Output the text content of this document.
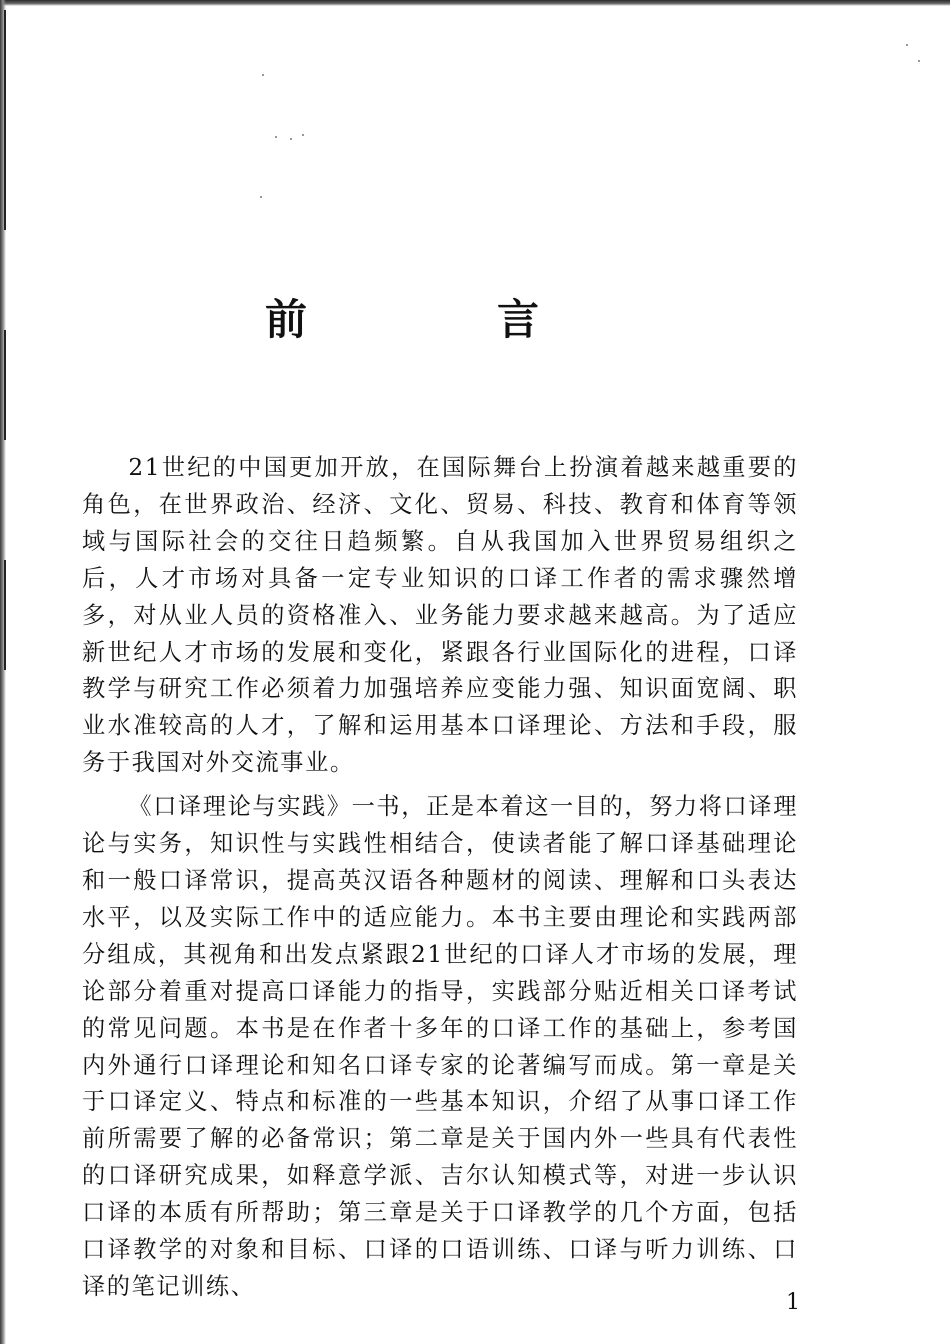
前　言

21世纪的中国更加开放，在国际舞台上扮演着越来越重要的角色，在世界政治、经济、文化、贸易、科技、教育和体育等领域与国际社会的交往日趋频繁。自从我国加入世界贸易组织之后，人才市场对具备一定专业知识的口译工作者的需求骤然增多，对从业人员的资格准入、业务能力要求越来越高。为了适应新世纪人才市场的发展和变化，紧跟各行业国际化的进程，口译教学与研究工作必须着力加强培养应变能力强、知识面宽阔、职业水准较高的人才，了解和运用基本口译理论、方法和手段，服务于我国对外交流事业。

《口译理论与实践》一书，正是本着这一目的，努力将口译理论与实务，知识性与实践性相结合，使读者能了解口译基础理论和一般口译常识，提高英汉语各种题材的阅读、理解和口头表达水平，以及实际工作中的适应能力。本书主要由理论和实践两部分组成，其视角和出发点紧跟21世纪的口译人才市场的发展，理论部分着重对提高口译能力的指导，实践部分贴近相关口译考试的常见问题。本书是在作者十多年的口译工作的基础上，参考国内外通行口译理论和知名口译专家的论著编写而成。第一章是关于口译定义、特点和标准的一些基本知识，介绍了从事口译工作前所需要了解的必备常识；第二章是关于国内外一些具有代表性的口译研究成果，如释意学派、吉尔认知模式等，对进一步认识口译的本质有所帮助；第三章是关于口译教学的几个方面，包括口译教学的对象和目标、口译的口语训练、口译与听力训练、口译的笔记训练、

1
